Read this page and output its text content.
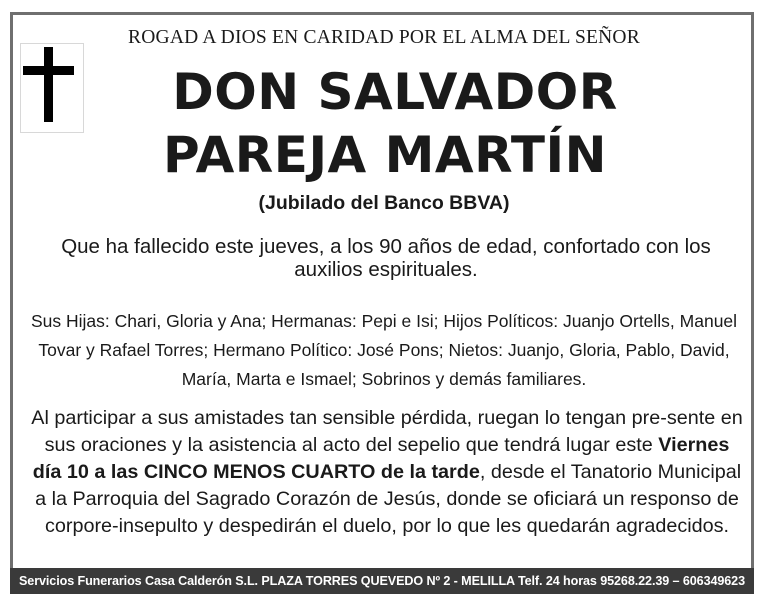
ROGAD A DIOS EN CARIDAD POR EL ALMA DEL SEÑOR
DON SALVADOR
PAREJA MARTÍN
(Jubilado del Banco BBVA)
Que ha fallecido este jueves, a los 90 años de edad, confortado con los auxilios espirituales.
Sus Hijas: Chari, Gloria y Ana; Hermanas: Pepi e Isi; Hijos Políticos: Juanjo Ortells, Manuel Tovar y Rafael Torres; Hermano Político: José Pons; Nietos: Juanjo, Gloria, Pablo, David, María, Marta e Ismael; Sobrinos y demás familiares.
Al participar a sus amistades tan sensible pérdida, ruegan lo tengan pre-sente en sus oraciones y la asistencia al acto del sepelio que tendrá lugar este Viernes día 10 a las CINCO MENOS CUARTO de la tarde, desde el Tanatorio Municipal a la Parroquia del Sagrado Corazón de Jesús, donde se oficiará un responso de corpore-insepulto y despedirán el duelo, por lo que les quedarán agradecidos.
Servicios Funerarios Casa Calderón S.L. PLAZA TORRES QUEVEDO Nº 2 - MELILLA Telf. 24 horas 95268.22.39 – 606349623
